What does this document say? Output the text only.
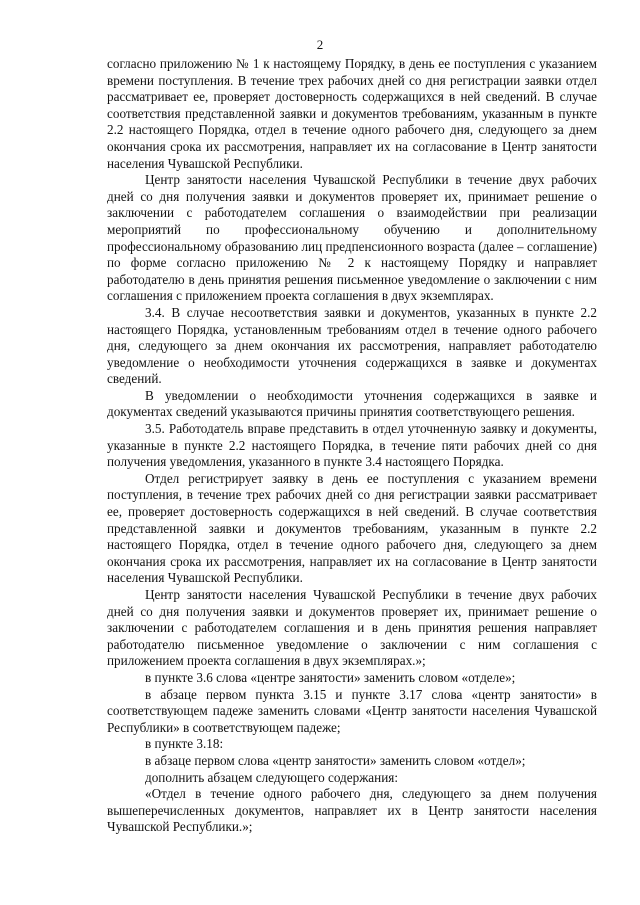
2

согласно приложению № 1 к настоящему Порядку, в день ее поступления с указанием времени поступления. В течение трех рабочих дней со дня регистрации заявки отдел рассматривает ее, проверяет достоверность содержащихся в ней сведений. В случае соответствия представленной заявки и документов требованиям, указанным в пункте 2.2 настоящего Порядка, отдел в течение одного рабочего дня, следующего за днем окончания срока их рассмотрения, направляет их на согласование в Центр занятости населения Чувашской Республики.

Центр занятости населения Чувашской Республики в течение двух рабочих дней со дня получения заявки и документов проверяет их, принимает решение о заключении с работодателем соглашения о взаимодействии при реализации мероприятий по профессиональному обучению и дополнительному профессиональному образованию лиц предпенсионного возраста (далее – соглашение) по форме согласно приложению № 2 к настоящему Порядку и направляет работодателю в день принятия решения письменное уведомление о заключении с ним соглашения с приложением проекта соглашения в двух экземплярах.

3.4. В случае несоответствия заявки и документов, указанных в пункте 2.2 настоящего Порядка, установленным требованиям отдел в течение одного рабочего дня, следующего за днем окончания их рассмотрения, направляет работодателю уведомление о необходимости уточнения содержащихся в заявке и документах сведений.

В уведомлении о необходимости уточнения содержащихся в заявке и документах сведений указываются причины принятия соответствующего решения.

3.5. Работодатель вправе представить в отдел уточненную заявку и документы, указанные в пункте 2.2 настоящего Порядка, в течение пяти рабочих дней со дня получения уведомления, указанного в пункте 3.4 настоящего Порядка.

Отдел регистрирует заявку в день ее поступления с указанием времени поступления, в течение трех рабочих дней со дня регистрации заявки рассматривает ее, проверяет достоверность содержащихся в ней сведений. В случае соответствия представленной заявки и документов требованиям, указанным в пункте 2.2 настоящего Порядка, отдел в течение одного рабочего дня, следующего за днем окончания срока их рассмотрения, направляет их на согласование в Центр занятости населения Чувашской Республики.

Центр занятости населения Чувашской Республики в течение двух рабочих дней со дня получения заявки и документов проверяет их, принимает решение о заключении с работодателем соглашения и в день принятия решения направляет работодателю письменное уведомление о заключении с ним соглашения с приложением проекта соглашения в двух экземплярах.»;

в пункте 3.6 слова «центре занятости» заменить словом «отделе»;

в абзаце первом пункта 3.15 и пункте 3.17 слова «центр занятости» в соответствующем падеже заменить словами «Центр занятости населения Чувашской Республики» в соответствующем падеже;

в пункте 3.18:

в абзаце первом слова «центр занятости» заменить словом «отдел»;

дополнить абзацем следующего содержания:

«Отдел в течение одного рабочего дня, следующего за днем получения вышеперечисленных документов, направляет их в Центр занятости населения Чувашской Республики.»;
